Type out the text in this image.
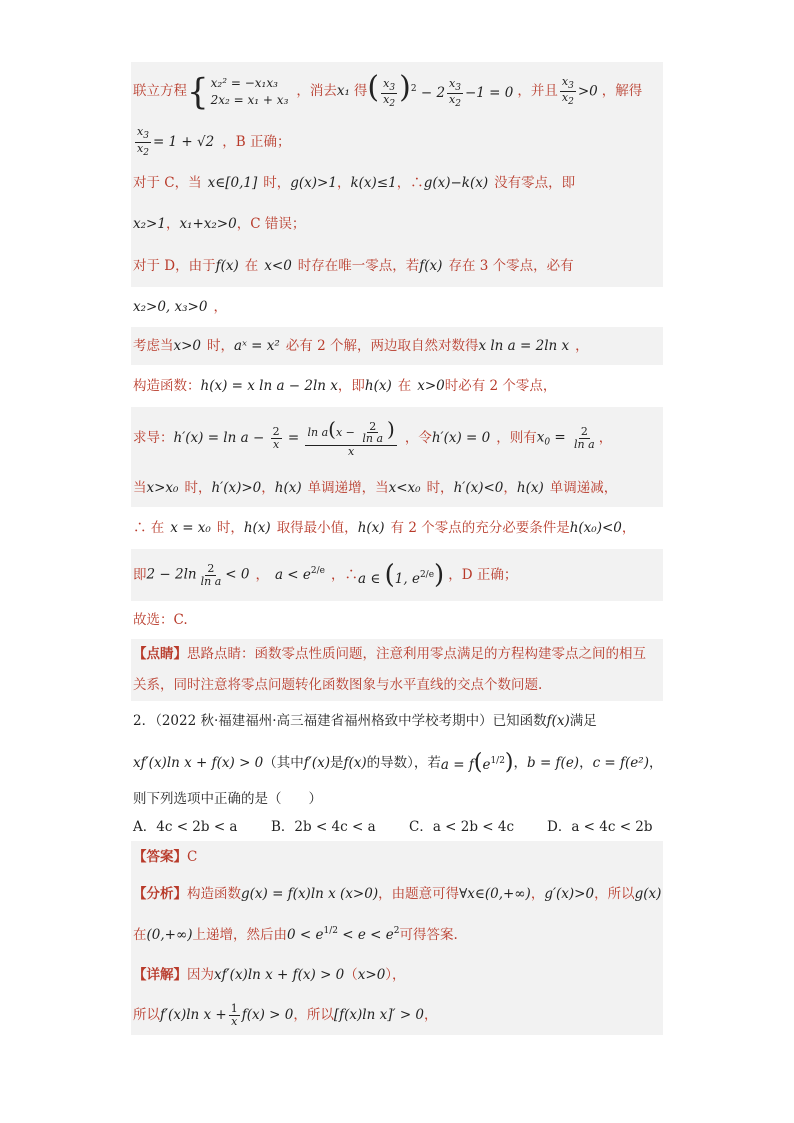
联立方程 { x₂² = −x₁x₃
2x₂ = x₁ + x₃
，消去 x₁ 得 ( $\frac{x_3}{x_2} )^2 - 2 \frac{x_3}{x_2} -1 = 0$ ，并且 $\frac{x_3}{x_2} >0$ ，解得
$\frac{x_3}{x_2} = 1 + √2$ ，B 正确；
对于 C，当 x∈[0,1] 时， g(x)>1 ， k(x)≤1 ，∴ g(x)−k(x) 没有零点，即
x₂>1 ， x₁+x₂>0 ，C 错误；
对于 D，由于 f(x) 在 x<0 时存在唯一零点，若 f(x) 存在 3 个零点，必有
x₂>0, x₃>0 ，
考虑当 x>0 时， aˣ = x² 必有 2 个解，两边取自然对数得 x ln a = 2ln x ，
构造函数： h(x) = x ln a − 2ln x ，即 h(x) 在 x>0 时必有 2 个零点，
求导： $h'(x) = \ln a - \frac{2}{x} = \frac{\ln a(x - \frac{2}{\text{ln a}} )}{x}$ ，令 h′(x) = 0 ，则有 $x_0 = \frac{2}{\text{ln a}}$ ，
当 x>x₀ 时， h′(x)>0 ， h(x) 单调递增，当 x<x₀ 时， h′(x)<0 ， h(x) 单调递减，
∴ 在 x = x₀ 时， h(x) 取得最小值， h(x) 有 2 个零点的充分必要条件是 h(x₀)<0 ，
即 $2 - 2\ln \frac{2}{\text{ln a}} < 0$ ， $a < e^{2/e}$ ，∴ a ∈ (1, $e^{2/e}$) ，D 正确；
故选：C.
【点睛】 思路点睛：函数零点性质问题，注意利用零点满足的方程构建零点之间的相互
关系，同时注意将零点问题转化函数图象与水平直线的交点个数问题.
2．（2022 秋·福建福州·高三福建省福州格致中学校考期中）已知函数 f(x) 满足
xf′(x)ln x + f(x) > 0 （其中 f′(x) 是 f(x) 的导数），若 $a = f(e^{1/2})$ ， b = f(e) ， c = f(e²) ，
则下列选项中正确的是（　　）
A．4c < 2b < a	B．2b < 4c < a	C．a < 2b < 4c	D．a < 4c < 2b
【答案】 C
【分析】 构造函数 g(x) = f(x)ln x (x>0) ，由题意可得 ∀x∈(0,+∞) ， g′(x)>0 ，所以 g(x)
在 (0,+∞) 上递增，然后由 $0 < e^{1/2} < e < e^2$ 可得答案.
【详解】 因为 xf′(x)ln x + f(x) > 0 （ x>0 ），
所以 f′(x)ln $x + \frac{1}{x} f(x) > 0$ ，所以 [f(x)ln x]′ > 0 ，
